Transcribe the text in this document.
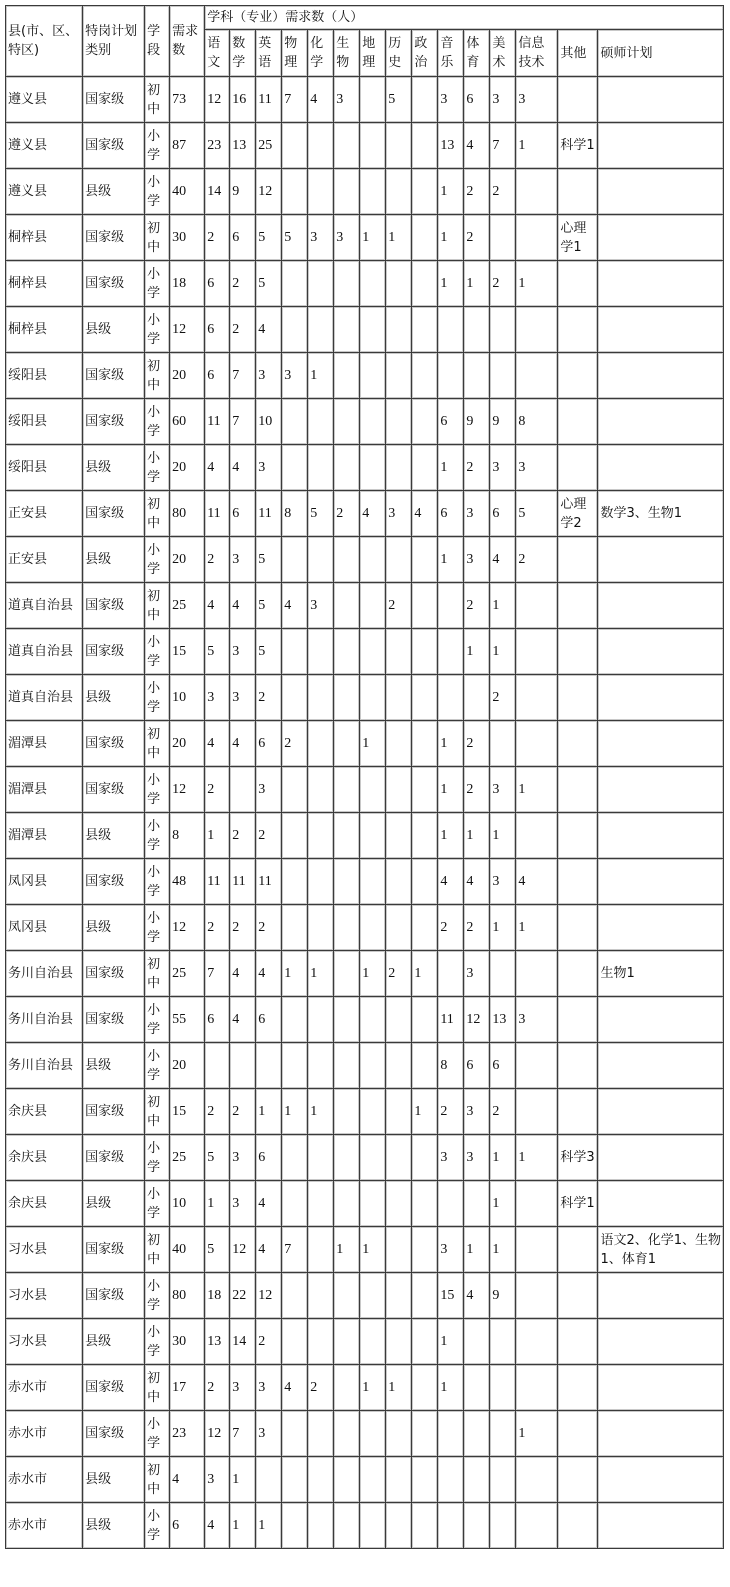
县(市、区、特区)	特岗计划类别	学段	需求数	学科（专业）需求数（人）														
				语文	数学	英语	物理	化学	生物	地理	历史	政治	音乐	体育	美术	信息技术	其他	硕师计划
遵义县	国家级	初中	73	12	16	11	7	4	3		5		3	6	3	3		
遵义县	国家级	小学	87	23	13	25							13	4	7	1	科学1	
遵义县	县级	小学	40	14	9	12							1	2	2			
桐梓县	国家级	初中	30	2	6	5	5	3	3	1	1		1	2			心理学1	
桐梓县	国家级	小学	18	6	2	5							1	1	2	1		
桐梓县	县级	小学	12	6	2	4												
绥阳县	国家级	初中	20	6	7	3	3	1										
绥阳县	国家级	小学	60	11	7	10							6	9	9	8		
绥阳县	县级	小学	20	4	4	3							1	2	3	3		
正安县	国家级	初中	80	11	6	11	8	5	2	4	3	4	6	3	6	5	心理学2	数学3、生物1
正安县	县级	小学	20	2	3	5							1	3	4	2		
道真自治县	国家级	初中	25	4	4	5	4	3			2			2	1			
道真自治县	国家级	小学	15	5	3	5								1	1			
道真自治县	县级	小学	10	3	3	2									2			
湄潭县	国家级	初中	20	4	4	6	2			1			1	2				
湄潭县	国家级	小学	12	2		3							1	2	3	1		
湄潭县	县级	小学	8	1	2	2							1	1	1			
凤冈县	国家级	小学	48	11	11	11							4	4	3	4		
凤冈县	县级	小学	12	2	2	2							2	2	1	1		
务川自治县	国家级	初中	25	7	4	4	1	1		1	2	1		3				生物1
务川自治县	国家级	小学	55	6	4	6							11	12	13	3		
务川自治县	县级	小学	20										8	6	6			
余庆县	国家级	初中	15	2	2	1	1	1				1	2	3	2			
余庆县	国家级	小学	25	5	3	6							3	3	1	1	科学3	
余庆县	县级	小学	10	1	3	4									1		科学1	
习水县	国家级	初中	40	5	12	4	7		1	1			3	1	1			语文2、化学1、生物1、体育1
习水县	国家级	小学	80	18	22	12							15	4	9			
习水县	县级	小学	30	13	14	2							1					
赤水市	国家级	初中	17	2	3	3	4	2		1	1		1					
赤水市	国家级	小学	23	12	7	3										1		
赤水市	县级	初中	4	3	1													
赤水市	县级	小学	6	4	1	1												
